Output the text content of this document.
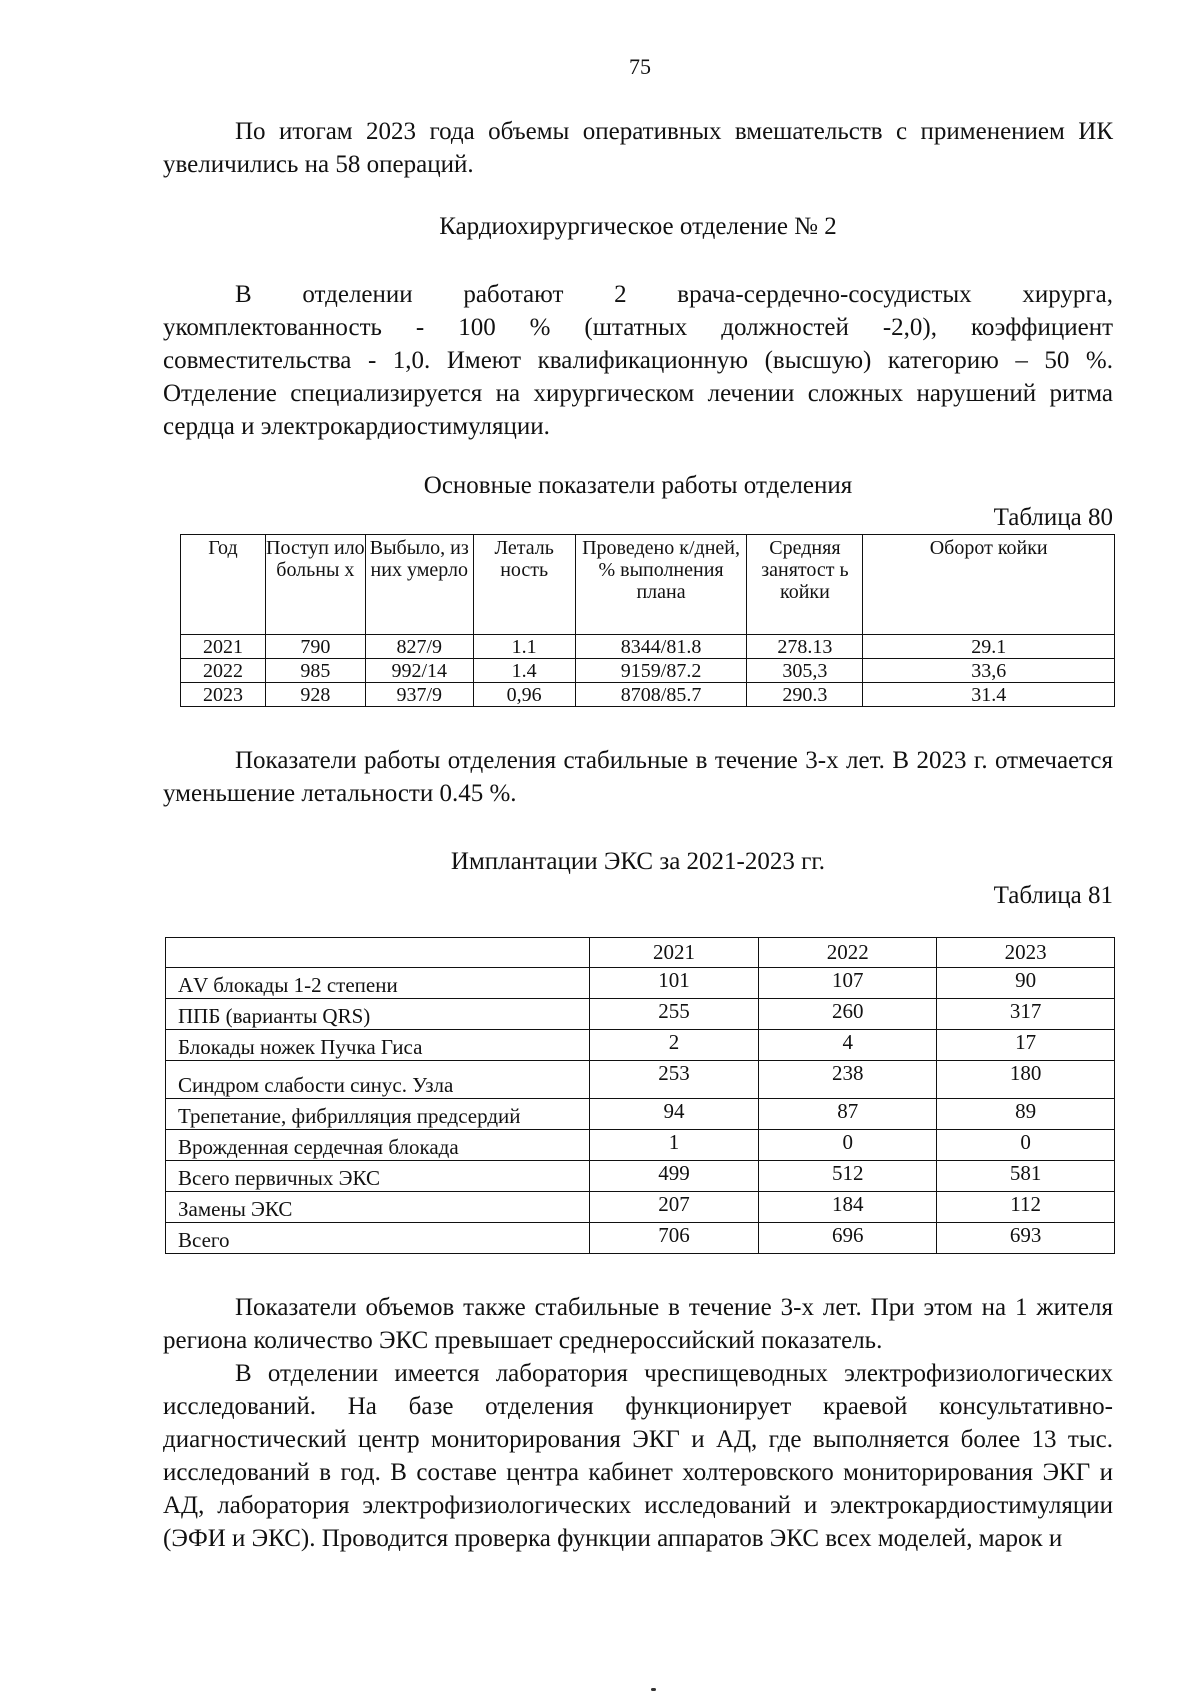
75

По итогам 2023 года объемы оперативных вмешательств с применением ИК увеличились на 58 операций.

Кардиохирургическое отделение № 2

В отделении работают 2 врача-сердечно-сосудистых хирурга, укомплектованность - 100 % (штатных должностей -2,0), коэффициент совместительства - 1,0. Имеют квалификационную (высшую) категорию – 50 %. Отделение специализируется на хирургическом лечении сложных нарушений ритма сердца и электрокардиостимуляции.

Основные показатели работы отделения
Таблица 80
Год	Поступ ило больны х	Выбыло, из них умерло	Леталь ность	Проведено к/дней, % выполнения плана	Средняя занятост ь койки	Оборот койки
2021	790	827/9	1.1	8344/81.8	278.13	29.1
2022	985	992/14	1.4	9159/87.2	305,3	33,6
2023	928	937/9	0,96	8708/85.7	290.3	31.4

Показатели работы отделения стабильные в течение 3-х лет. В 2023 г. отмечается уменьшение летальности 0.45 %.

Имплантации ЭКС за 2021-2023 гг.
Таблица 81
	2021	2022	2023
АV блокады 1-2 степени	101	107	90
ППБ (варианты QRS)	255	260	317
Блокады ножек Пучка Гиса	2	4	17
Синдром слабости синус. Узла	253	238	180
Трепетание, фибрилляция предсердий	94	87	89
Врожденная сердечная блокада	1	0	0
Всего первичных ЭКС	499	512	581
Замены ЭКС	207	184	112
Всего	706	696	693

Показатели объемов также стабильные в течение 3-х лет. При этом на 1 жителя региона количество ЭКС превышает среднероссийский показатель.

В отделении имеется лаборатория чреспищеводных электрофизиологических исследований. На базе отделения функционирует краевой консультативно-диагностический центр мониторирования ЭКГ и АД, где выполняется более 13 тыс. исследований в год. В составе центра кабинет холтеровского мониторирования ЭКГ и АД, лаборатория электрофизиологических исследований и электрокардиостимуляции (ЭФИ и ЭКС). Проводится проверка функции аппаратов ЭКС всех моделей, марок и
